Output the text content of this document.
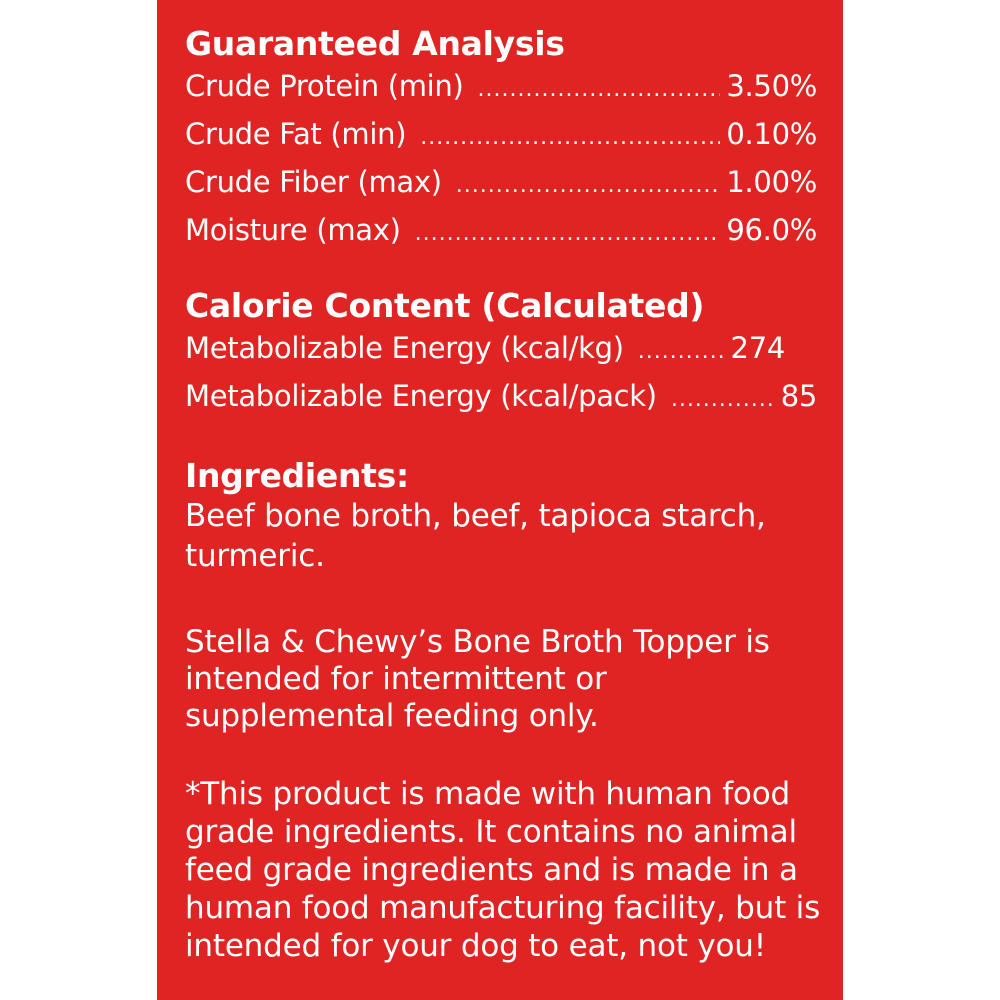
Guaranteed Analysis
Crude Protein (min) .....	3.50%
Crude Fat (min) .....	0.10%
Crude Fiber (max) .....	1.00%
Moisture (max) .....	96.0%
Calorie Content (Calculated)
Metabolizable Energy (kcal/kg) .....	274
Metabolizable Energy (kcal/pack) .....	85
Ingredients:
Beef bone broth, beef, tapioca starch, turmeric.
Stella & Chewy’s Bone Broth Topper is intended for intermittent or supplemental feeding only.
*This product is made with human food grade ingredients. It contains no animal feed grade ingredients and is made in a human food manufacturing facility, but is intended for your dog to eat, not you!
